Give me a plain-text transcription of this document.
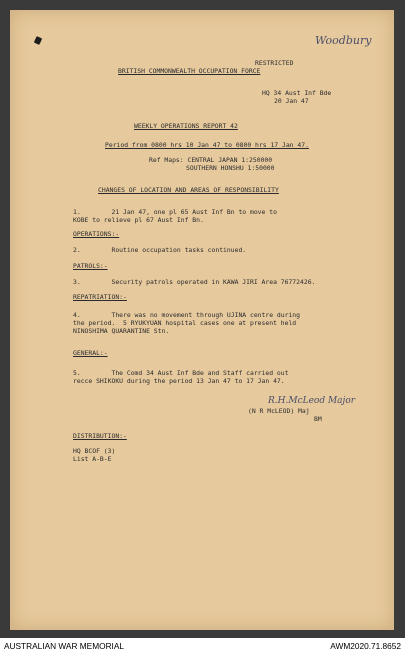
Woodbury
RESTRICTED
BRITISH COMMONWEALTH OCCUPATION FORCE
HQ 34 Aust Inf Bde
20 Jan 47
WEEKLY OPERATIONS REPORT 42
Period from 0800 hrs 10 Jan 47 to 0800 hrs 17 Jan 47.
Ref Maps: CENTRAL JAPAN 1:250000
SOUTHERN HONSHU 1:50000
CHANGES OF LOCATION AND AREAS OF RESPONSIBILITY
1.        21 Jan 47, one pl 65 Aust Inf Bn to move to
KOBE to relieve pl 67 Aust Inf Bn.
OPERATIONS:-
2.        Routine occupation tasks continued.
PATROLS:-
3.        Security patrols operated in KAWA JIRI Area 76772426.
REPATRIATION:-
4.        There was no movement through UJINA centre during
the period.  5 RYUKYUAN hospital cases one at present held
NINOSHIMA QUARANTINE Stn.
GENERAL:-
5.        The Comd 34 Aust Inf Bde and Staff carried out
recce SHIKOKU during the period 13 Jan 47 to 17 Jan 47.
R.H.McLeod Major
(N R McLEOD) Maj
BM
DISTRIBUTION:-
HQ BCOF (3)
List A-B-E
AUSTRALIAN WAR MEMORIAL	AWM2020.71.8652
